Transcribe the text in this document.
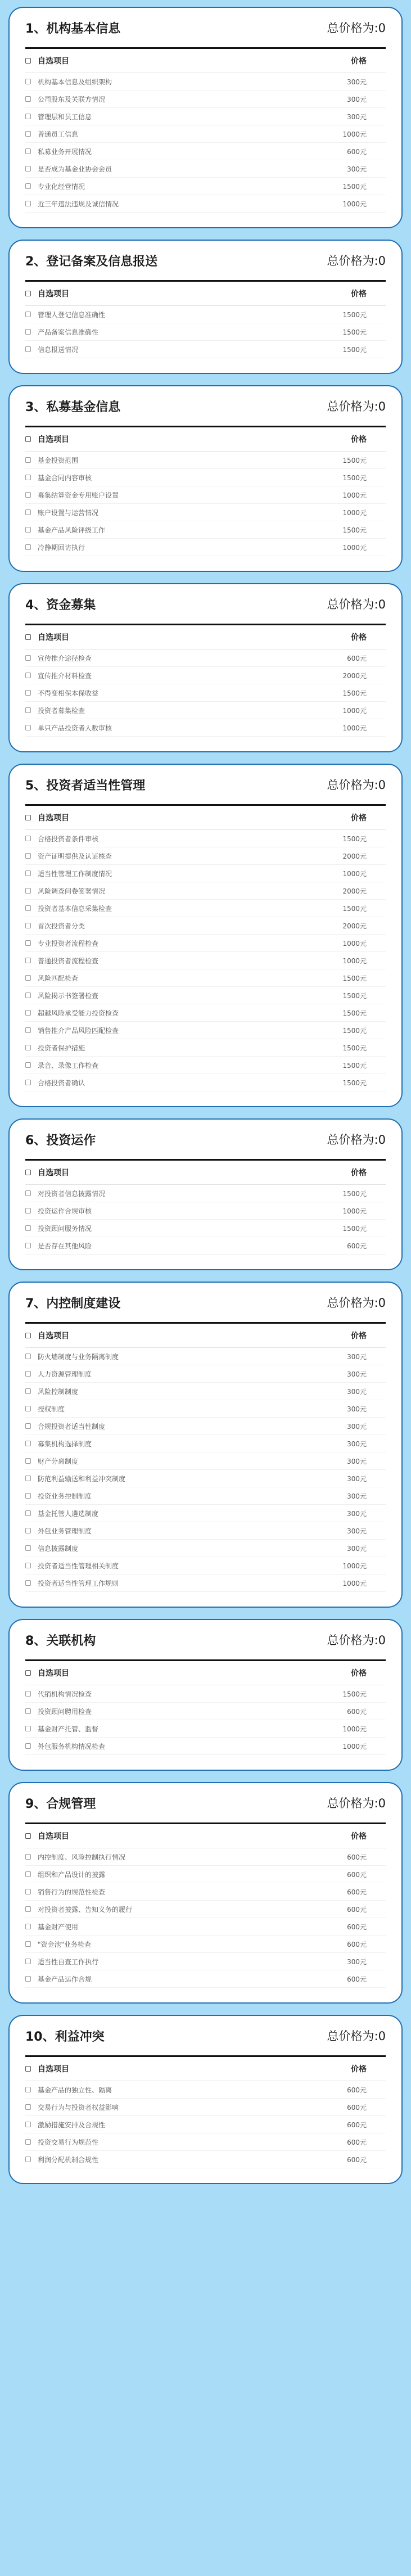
1、机构基本信息	总价格为:0
自选项目	价格
机构基本信息及组织架构	300元
公司股东及关联方情况	300元
管理层和员工信息	300元
普通员工信息	1000元
私募业务开展情况	600元
是否成为基金业协会会员	300元
专业化经营情况	1500元
近三年违法违规及诚信情况	1000元
2、登记备案及信息报送	总价格为:0
自选项目	价格
管理人登记信息准确性	1500元
产品备案信息准确性	1500元
信息报送情况	1500元
3、私募基金信息	总价格为:0
自选项目	价格
基金投资范围	1500元
基金合同内容审核	1500元
募集结算资金专用账户设置	1000元
账户设置与运营情况	1000元
基金产品风险评级工作	1500元
冷静期回访执行	1000元
4、资金募集	总价格为:0
自选项目	价格
宣传推介途径检查	600元
宣传推介材料检查	2000元
不得变相保本保收益	1500元
投资者募集检查	1000元
单只产品投资者人数审核	1000元
5、投资者适当性管理	总价格为:0
自选项目	价格
合格投资者条件审核	1500元
资产证明提供及认证核查	2000元
适当性管理工作制度情况	1000元
风险调查问卷签署情况	2000元
投资者基本信息采集检查	1500元
首次投资者分类	2000元
专业投资者流程检查	1000元
普通投资者流程检查	1000元
风险匹配检查	1500元
风险揭示书签署检查	1500元
超越风险承受能力投资检查	1500元
销售推介产品风险匹配检查	1500元
投资者保护措施	1500元
录音、录像工作检查	1500元
合格投资者确认	1500元
6、投资运作	总价格为:0
自选项目	价格
对投资者信息披露情况	1500元
投资运作合规审核	1000元
投资顾问服务情况	1500元
是否存在其他风险	600元
7、内控制度建设	总价格为:0
自选项目	价格
防火墙制度与业务隔离制度	300元
人力资源管理制度	300元
风险控制制度	300元
授权制度	300元
合规投资者适当性制度	300元
募集机构选择制度	300元
财产分离制度	300元
防范利益输送和利益冲突制度	300元
投资业务控制制度	300元
基金托管人遴选制度	300元
外包业务管理制度	300元
信息披露制度	300元
投资者适当性管理相关制度	1000元
投资者适当性管理工作规则	1000元
8、关联机构	总价格为:0
自选项目	价格
代销机构情况检查	1500元
投资顾问聘用检查	600元
基金财产托管、监督	1000元
外包服务机构情况检查	1000元
9、合规管理	总价格为:0
自选项目	价格
内控制度、风险控制执行情况	600元
组织和产品设计的披露	600元
销售行为的规范性检查	600元
对投资者披露、告知义务的履行	600元
基金财产使用	600元
"资金池"业务检查	600元
适当性自查工作执行	300元
基金产品运作合规	600元
10、利益冲突	总价格为:0
自选项目	价格
基金产品的独立性、隔离	600元
交易行为与投资者权益影响	600元
激励措施安排及合规性	600元
投资交易行为规范性	600元
利润分配机制合规性	600元
